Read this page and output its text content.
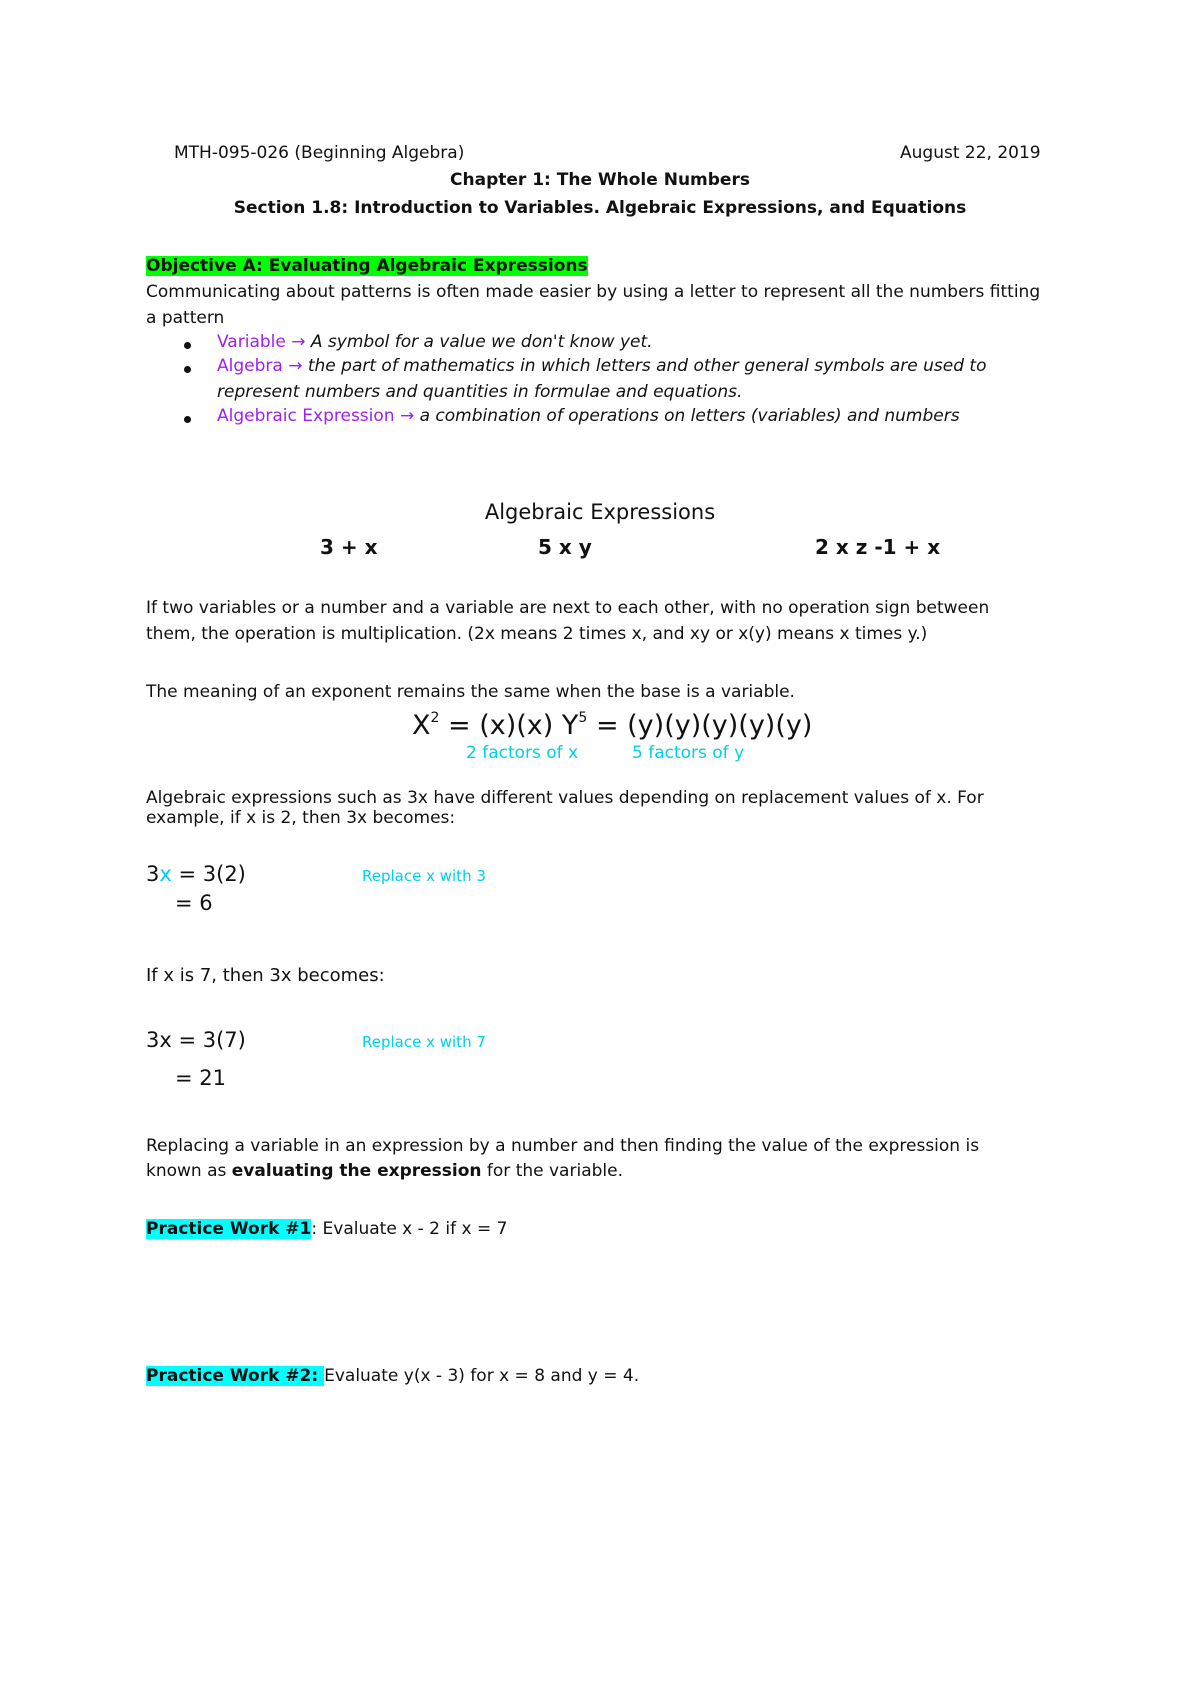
MTH-095-026 (Beginning Algebra)	August 22, 2019
Chapter 1: The Whole Numbers
Section 1.8: Introduction to Variables. Algebraic Expressions, and Equations
Objective A: Evaluating Algebraic Expressions
Communicating about patterns is often made easier by using a letter to represent all the numbers fitting
a pattern
Variable → A symbol for a value we don't know yet.
Algebra → the part of mathematics in which letters and other general symbols are used to
represent numbers and quantities in formulae and equations.
Algebraic Expression → a combination of operations on letters (variables) and numbers
Algebraic Expressions
3 + x	5 x y	2 x z -1 + x
If two variables or a number and a variable are next to each other, with no operation sign between
them, the operation is multiplication. (2x means 2 times x, and xy or x(y) means x times y.)
The meaning of an exponent remains the same when the base is a variable.
$X^2 = (x)(x) Y^5 = (y)(y)(y)(y)(y)$
2 factors of x	5 factors of y
Algebraic expressions such as 3x have different values depending on replacement values of x. For
example, if x is 2, then 3x becomes:
3x = 3(2)	Replace x with 3
= 6
If x is 7, then 3x becomes:
3x = 3(7)	Replace x with 7
= 21
Replacing a variable in an expression by a number and then finding the value of the expression is
known as evaluating the expression for the variable.
Practice Work #1: Evaluate x - 2 if x = 7
Practice Work #2: Evaluate y(x - 3) for x = 8 and y = 4.
